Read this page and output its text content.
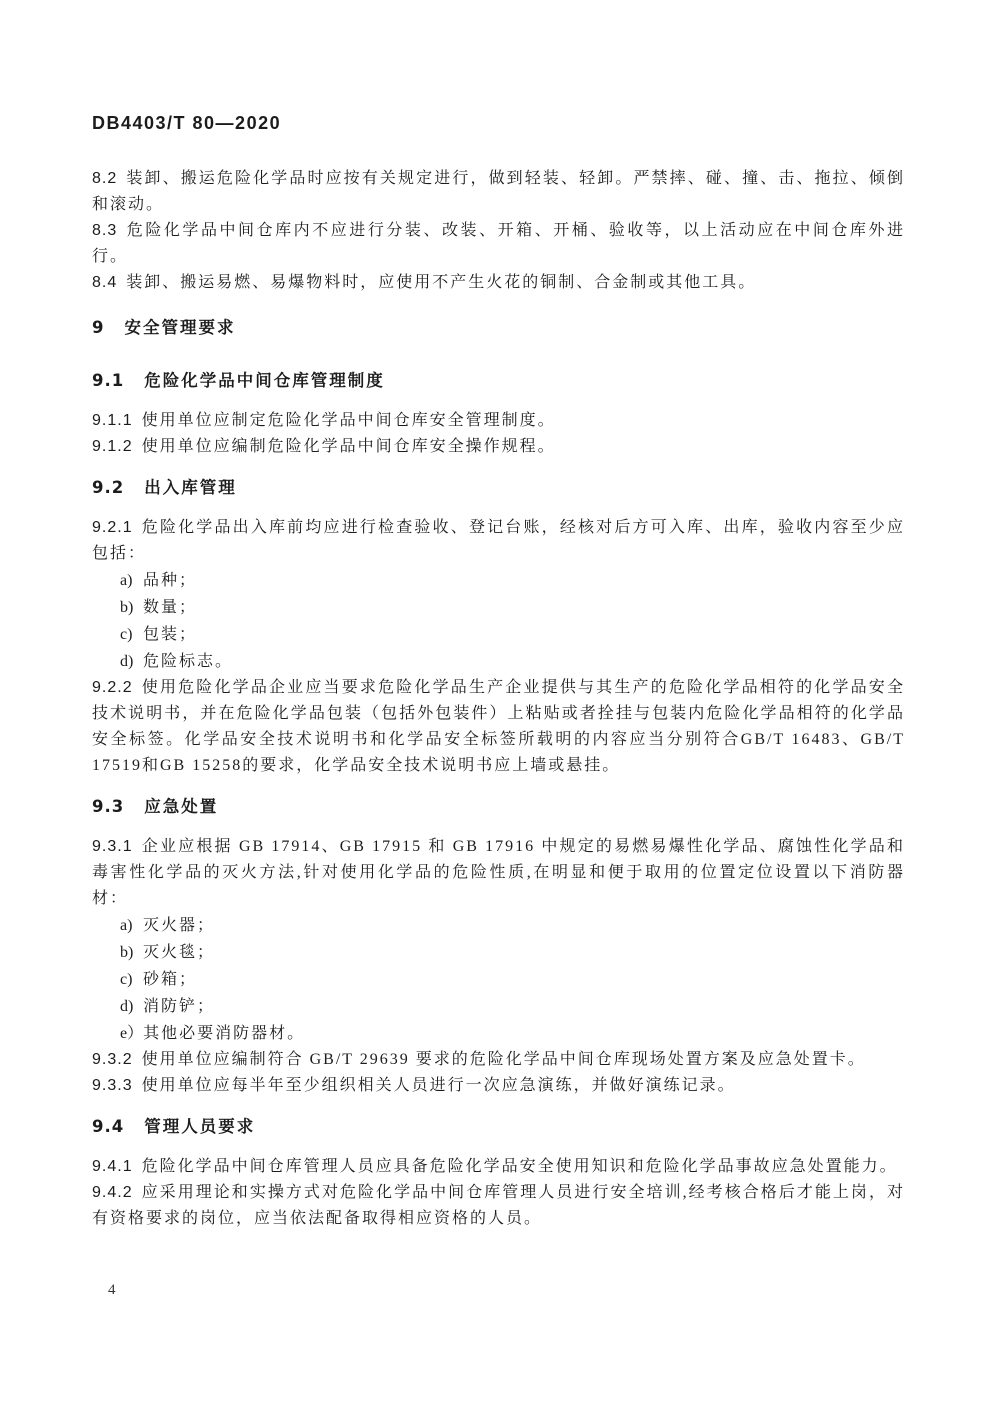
DB4403/T 80—2020

8.2 装卸、搬运危险化学品时应按有关规定进行，做到轻装、轻卸。严禁摔、碰、撞、击、拖拉、倾倒和滚动。

8.3 危险化学品中间仓库内不应进行分装、改装、开箱、开桶、验收等，以上活动应在中间仓库外进行。

8.4 装卸、搬运易燃、易爆物料时，应使用不产生火花的铜制、合金制或其他工具。

9 安全管理要求
9.1 危险化学品中间仓库管理制度

9.1.1 使用单位应制定危险化学品中间仓库安全管理制度。

9.1.2 使用单位应编制危险化学品中间仓库安全操作规程。

9.2 出入库管理

9.2.1 危险化学品出入库前均应进行检查验收、登记台账，经核对后方可入库、出库，验收内容至少应包括：

a) 品种；

b) 数量；

c) 包装；

d) 危险标志。

9.2.2 使用危险化学品企业应当要求危险化学品生产企业提供与其生产的危险化学品相符的化学品安全技术说明书，并在危险化学品包装（包括外包装件）上粘贴或者拴挂与包装内危险化学品相符的化学品安全标签。化学品安全技术说明书和化学品安全标签所载明的内容应当分别符合GB/T 16483、GB/T 17519和GB 15258的要求，化学品安全技术说明书应上墙或悬挂。

9.3 应急处置

9.3.1 企业应根据 GB 17914、GB 17915 和 GB 17916 中规定的易燃易爆性化学品、腐蚀性化学品和毒害性化学品的灭火方法,针对使用化学品的危险性质,在明显和便于取用的位置定位设置以下消防器材：

a) 灭火器；

b) 灭火毯；

c) 砂箱；

d) 消防铲；

e）其他必要消防器材。

9.3.2 使用单位应编制符合 GB/T 29639 要求的危险化学品中间仓库现场处置方案及应急处置卡。

9.3.3 使用单位应每半年至少组织相关人员进行一次应急演练，并做好演练记录。

9.4 管理人员要求

9.4.1 危险化学品中间仓库管理人员应具备危险化学品安全使用知识和危险化学品事故应急处置能力。

9.4.2 应采用理论和实操方式对危险化学品中间仓库管理人员进行安全培训,经考核合格后才能上岗，对有资格要求的岗位，应当依法配备取得相应资格的人员。

4
